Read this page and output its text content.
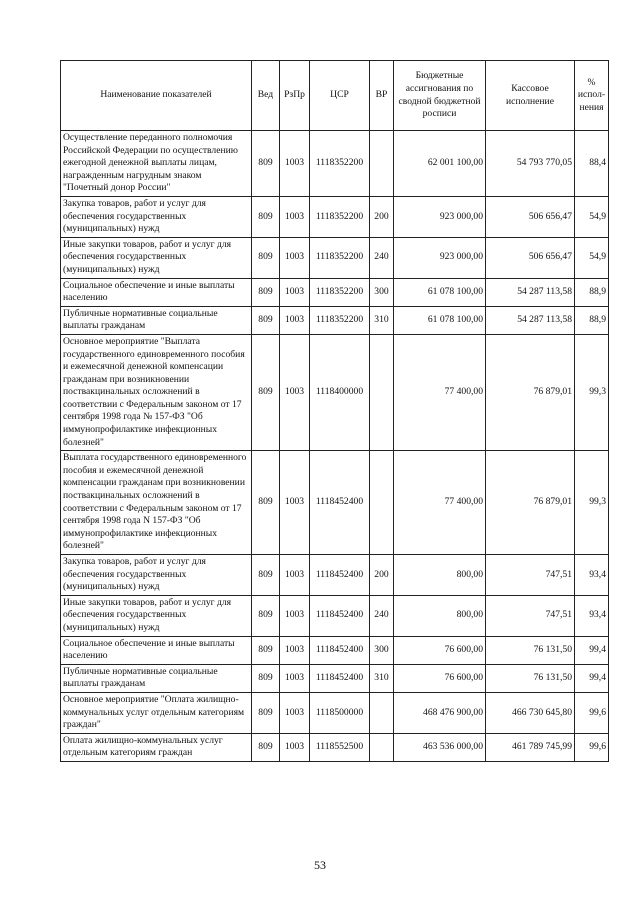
Наименование показателей	Вед	РзПр	ЦСР	ВР	Бюджетные ассигнования по сводной бюджетной росписи	Кассовое исполнение	% испол-нения
Осуществление переданного полномочия Российской Федерации по осуществлению ежегодной денежной выплаты лицам, награжденным нагрудным знаком "Почетный донор России"	809	1003	1118352200		62 001 100,00	54 793 770,05	88,4
Закупка товаров, работ и услуг для обеспечения государственных (муниципальных) нужд	809	1003	1118352200	200	923 000,00	506 656,47	54,9
Иные закупки товаров, работ и услуг для обеспечения государственных (муниципальных) нужд	809	1003	1118352200	240	923 000,00	506 656,47	54,9
Социальное обеспечение и иные выплаты населению	809	1003	1118352200	300	61 078 100,00	54 287 113,58	88,9
Публичные нормативные социальные выплаты гражданам	809	1003	1118352200	310	61 078 100,00	54 287 113,58	88,9
Основное мероприятие "Выплата государственного единовременного пособия и ежемесячной денежной компенсации гражданам при возникновении поствакцинальных осложнений в соответствии с Федеральным законом от 17 сентября 1998 года № 157-ФЗ "Об иммунопрофилактике инфекционных болезней"	809	1003	1118400000		77 400,00	76 879,01	99,3
Выплата государственного единовременного пособия и ежемесячной денежной компенсации гражданам при возникновении поствакцинальных осложнений в соответствии с Федеральным законом от 17 сентября 1998 года N 157-ФЗ "Об иммунопрофилактике инфекционных болезней"	809	1003	1118452400		77 400,00	76 879,01	99,3
Закупка товаров, работ и услуг для обеспечения государственных (муниципальных) нужд	809	1003	1118452400	200	800,00	747,51	93,4
Иные закупки товаров, работ и услуг для обеспечения государственных (муниципальных) нужд	809	1003	1118452400	240	800,00	747,51	93,4
Социальное обеспечение и иные выплаты населению	809	1003	1118452400	300	76 600,00	76 131,50	99,4
Публичные нормативные социальные выплаты гражданам	809	1003	1118452400	310	76 600,00	76 131,50	99,4
Основное мероприятие "Оплата жилищно-коммунальных услуг отдельным категориям граждан"	809	1003	1118500000		468 476 900,00	466 730 645,80	99,6
Оплата жилищно-коммунальных услуг отдельным категориям граждан	809	1003	1118552500		463 536 000,00	461 789 745,99	99,6
53
